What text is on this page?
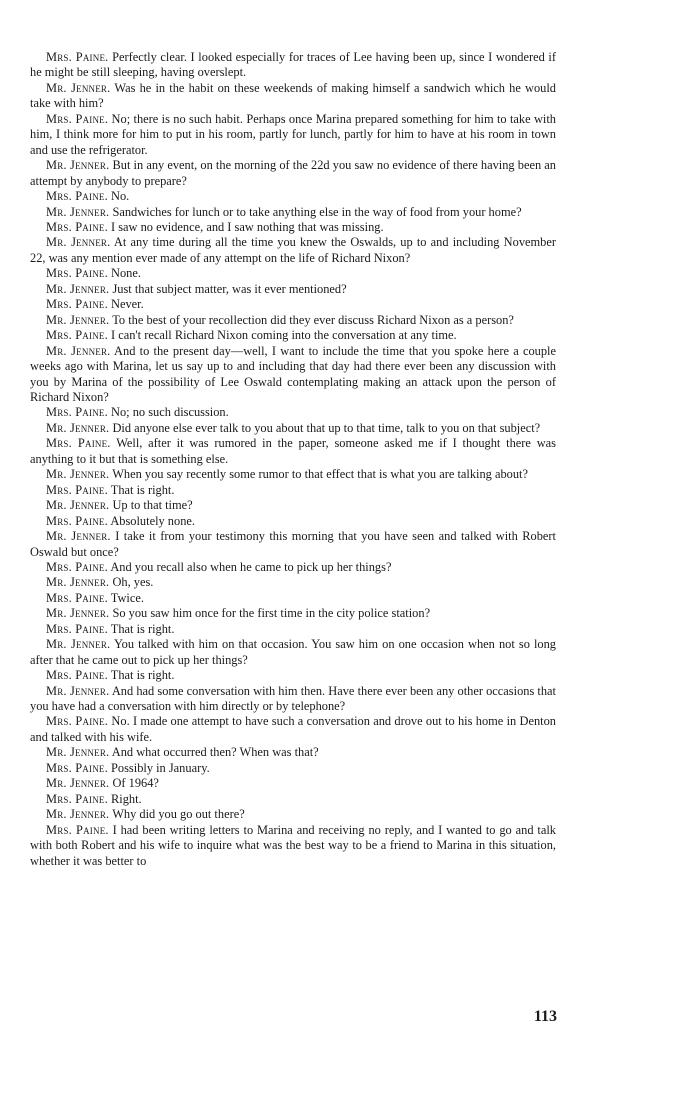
Mrs. Paine. Perfectly clear. I looked especially for traces of Lee having been up, since I wondered if he might be still sleeping, having overslept.

Mr. Jenner. Was he in the habit on these weekends of making himself a sandwich which he would take with him?

Mrs. Paine. No; there is no such habit. Perhaps once Marina prepared something for him to take with him, I think more for him to put in his room, partly for lunch, partly for him to have at his room in town and use the refrigerator.

Mr. Jenner. But in any event, on the morning of the 22d you saw no evidence of there having been an attempt by anybody to prepare?

Mrs. Paine. No.

Mr. Jenner. Sandwiches for lunch or to take anything else in the way of food from your home?

Mrs. Paine. I saw no evidence, and I saw nothing that was missing.

Mr. Jenner. At any time during all the time you knew the Oswalds, up to and including November 22, was any mention ever made of any attempt on the life of Richard Nixon?

Mrs. Paine. None.

Mr. Jenner. Just that subject matter, was it ever mentioned?

Mrs. Paine. Never.

Mr. Jenner. To the best of your recollection did they ever discuss Richard Nixon as a person?

Mrs. Paine. I can't recall Richard Nixon coming into the conversation at any time.

Mr. Jenner. And to the present day—well, I want to include the time that you spoke here a couple weeks ago with Marina, let us say up to and including that day had there ever been any discussion with you by Marina of the possibility of Lee Oswald contemplating making an attack upon the person of Richard Nixon?

Mrs. Paine. No; no such discussion.

Mr. Jenner. Did anyone else ever talk to you about that up to that time, talk to you on that subject?

Mrs. Paine. Well, after it was rumored in the paper, someone asked me if I thought there was anything to it but that is something else.

Mr. Jenner. When you say recently some rumor to that effect that is what you are talking about?

Mrs. Paine. That is right.

Mr. Jenner. Up to that time?

Mrs. Paine. Absolutely none.

Mr. Jenner. I take it from your testimony this morning that you have seen and talked with Robert Oswald but once?

Mrs. Paine. And you recall also when he came to pick up her things?

Mr. Jenner. Oh, yes.

Mrs. Paine. Twice.

Mr. Jenner. So you saw him once for the first time in the city police station?

Mrs. Paine. That is right.

Mr. Jenner. You talked with him on that occasion. You saw him on one occasion when not so long after that he came out to pick up her things?

Mrs. Paine. That is right.

Mr. Jenner. And had some conversation with him then. Have there ever been any other occasions that you have had a conversation with him directly or by telephone?

Mrs. Paine. No. I made one attempt to have such a conversation and drove out to his home in Denton and talked with his wife.

Mr. Jenner. And what occurred then? When was that?

Mrs. Paine. Possibly in January.

Mr. Jenner. Of 1964?

Mrs. Paine. Right.

Mr. Jenner. Why did you go out there?

Mrs. Paine. I had been writing letters to Marina and receiving no reply, and I wanted to go and talk with both Robert and his wife to inquire what was the best way to be a friend to Marina in this situation, whether it was better to

113
